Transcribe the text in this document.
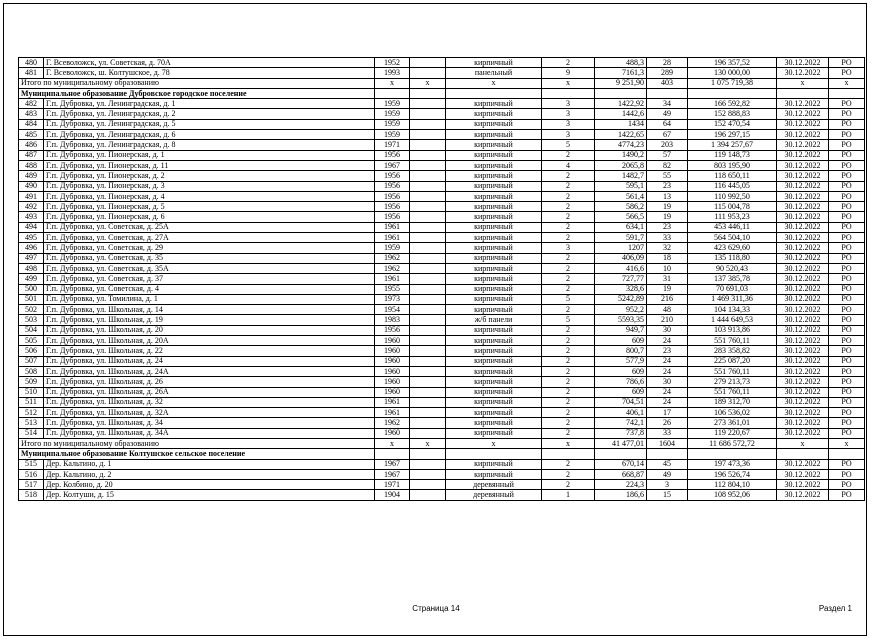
480	Г. Всеволожск, ул. Советская, д. 70А	1952		кирпичный	2	488,3	28	196 357,52	30.12.2022	РО
481	Г. Всеволожск, ш. Колтушское, д. 78	1993		панельный	9	7161,3	289	130 000,00	30.12.2022	РО
Итого по муниципальному образованию		х	х	х	х	9 251,90	403	1 075 719,38	х	х
Муниципальное образование Дубровское городское поселение										
482	Г.п. Дубровка, ул. Ленинградская, д. 1	1959		кирпичный	3	1422,92	34	166 592,82	30.12.2022	РО
483	Г.п. Дубровка, ул. Ленинградская, д. 2	1959		кирпичный	3	1442,6	49	152 888,83	30.12.2022	РО
484	Г.п. Дубровка, ул. Ленинградская, д. 5	1959		кирпичный	3	1434	64	152 470,54	30.12.2022	РО
485	Г.п. Дубровка, ул. Ленинградская, д. 6	1959		кирпичный	3	1422,65	67	196 297,15	30.12.2022	РО
486	Г.п. Дубровка, ул. Ленинградская, д. 8	1971		кирпичный	5	4774,23	203	1 394 257,67	30.12.2022	РО
487	Г.п. Дубровка, ул. Пионерская, д. 1	1956		кирпичный	2	1490,2	57	119 148,73	30.12.2022	РО
488	Г.п. Дубровка, ул. Пионерская, д. 11	1967		кирпичный	4	2065,8	82	803 195,90	30.12.2022	РО
489	Г.п. Дубровка, ул. Пионерская, д. 2	1956		кирпичный	2	1482,7	55	118 650,11	30.12.2022	РО
490	Г.п. Дубровка, ул. Пионерская, д. 3	1956		кирпичный	2	595,1	23	116 445,05	30.12.2022	РО
491	Г.п. Дубровка, ул. Пионерская, д. 4	1956		кирпичный	2	561,4	13	110 992,50	30.12.2022	РО
492	Г.п. Дубровка, ул. Пионерская, д. 5	1956		кирпичный	2	586,2	19	115 004,78	30.12.2022	РО
493	Г.п. Дубровка, ул. Пионерская, д. 6	1956		кирпичный	2	566,5	19	111 953,23	30.12.2022	РО
494	Г.п. Дубровка, ул. Советская, д. 25А	1961		кирпичный	2	634,1	23	453 446,11	30.12.2022	РО
495	Г.п. Дубровка, ул. Советская, д. 27А	1961		кирпичный	2	591,7	33	564 504,10	30.12.2022	РО
496	Г.п. Дубровка, ул. Советская, д. 29	1959		кирпичный	3	1207	32	423 629,60	30.12.2022	РО
497	Г.п. Дубровка, ул. Советская, д. 35	1962		кирпичный	2	406,09	18	135 118,80	30.12.2022	РО
498	Г.п. Дубровка, ул. Советская, д. 35А	1962		кирпичный	2	416,6	10	90 520,43	30.12.2022	РО
499	Г.п. Дубровка, ул. Советская, д. 37	1961		кирпичный	2	727,77	31	137 385,78	30.12.2022	РО
500	Г.п. Дубровка, ул. Советская, д. 4	1955		кирпичный	2	328,6	19	70 691,03	30.12.2022	РО
501	Г.п. Дубровка, ул. Томилина, д. 1	1973		кирпичный	5	5242,89	216	1 469 311,36	30.12.2022	РО
502	Г.п. Дубровка, ул. Школьная, д. 14	1954		кирпичный	2	952,2	48	104 134,33	30.12.2022	РО
503	Г.п. Дубровка, ул. Школьная, д. 19	1983		ж/б панели	5	5593,35	210	1 444 649,53	30.12.2022	РО
504	Г.п. Дубровка, ул. Школьная, д. 20	1956		кирпичный	2	949,7	30	103 913,86	30.12.2022	РО
505	Г.п. Дубровка, ул. Школьная, д. 20А	1960		кирпичный	2	609	24	551 760,11	30.12.2022	РО
506	Г.п. Дубровка, ул. Школьная, д. 22	1960		кирпичный	2	800,7	23	283 358,82	30.12.2022	РО
507	Г.п. Дубровка, ул. Школьная, д. 24	1960		кирпичный	2	577,9	24	225 087,20	30.12.2022	РО
508	Г.п. Дубровка, ул. Школьная, д. 24А	1960		кирпичный	2	609	24	551 760,11	30.12.2022	РО
509	Г.п. Дубровка, ул. Школьная, д. 26	1960		кирпичный	2	786,6	30	279 213,73	30.12.2022	РО
510	Г.п. Дубровка, ул. Школьная, д. 26А	1960		кирпичный	2	609	24	551 760,11	30.12.2022	РО
511	Г.п. Дубровка, ул. Школьная, д. 32	1961		кирпичный	2	704,51	24	189 312,70	30.12.2022	РО
512	Г.п. Дубровка, ул. Школьная, д. 32А	1961		кирпичный	2	406,1	17	106 536,02	30.12.2022	РО
513	Г.п. Дубровка, ул. Школьная, д. 34	1962		кирпичный	2	742,1	26	273 361,01	30.12.2022	РО
514	Г.п. Дубровка, ул. Школьная, д. 34А	1960		кирпичный	2	737,8	33	119 220,67	30.12.2022	РО
Итого по муниципальному образованию		х	х	х	х	41 477,01	1604	11 686 572,72	х	х
Муниципальное образование Колтушское сельское поселение										
515	Дер. Кальтино, д. 1	1967		кирпичный	2	670,14	45	197 473,36	30.12.2022	РО
516	Дер. Кальтино, д. 2	1967		кирпичный	2	668,87	49	196 526,74	30.12.2022	РО
517	Дер. Колбино, д. 20	1971		деревянный	2	224,3	3	112 804,10	30.12.2022	РО
518	Дер. Колтуши, д. 15	1904		деревянный	1	186,6	15	108 952,06	30.12.2022	РО
Страница 14	Раздел 1
